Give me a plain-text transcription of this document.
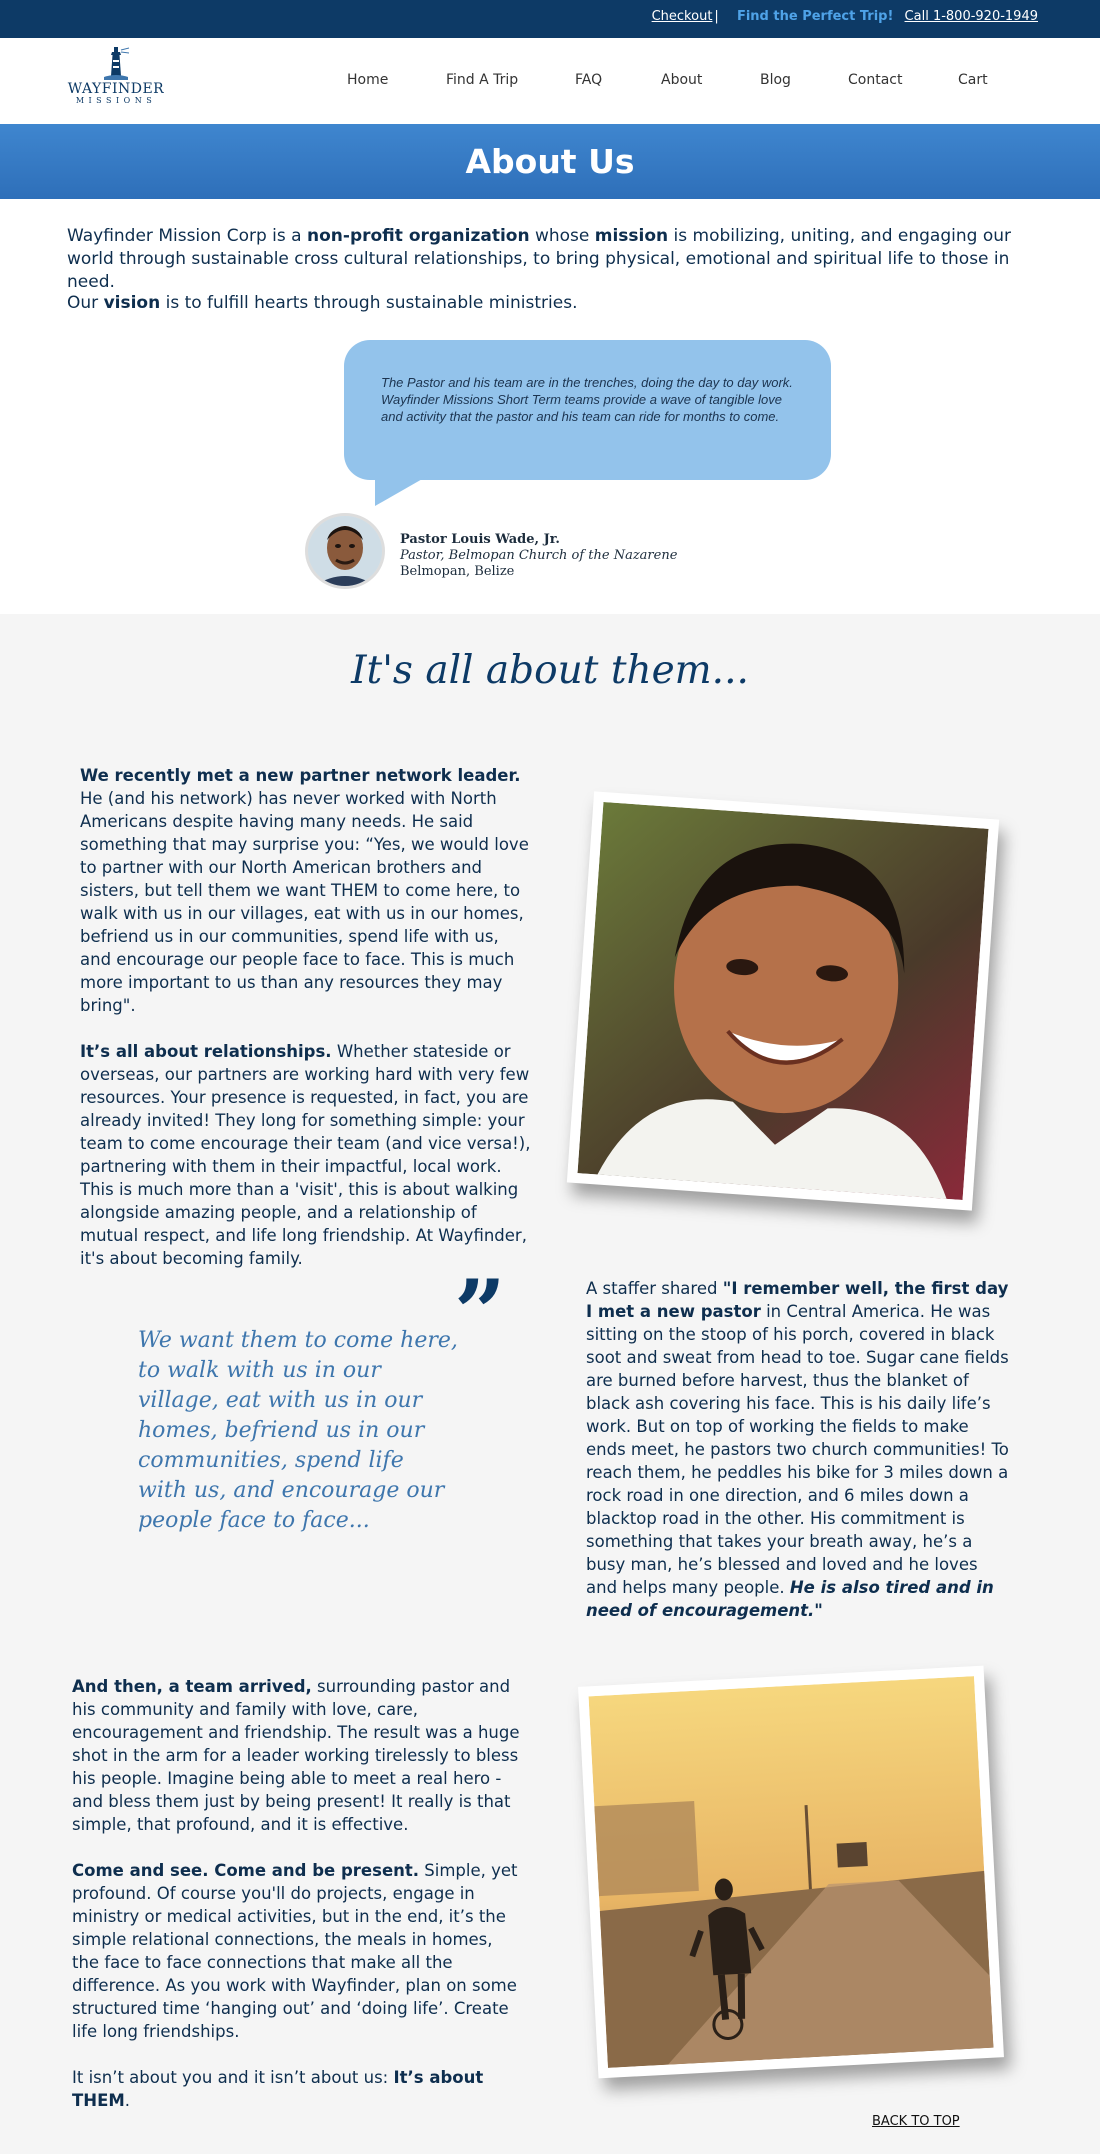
Checkout | Find the Perfect Trip! Call 1-800-920-1949
WAYFINDER
MISSIONS
Home	Find A Trip	FAQ	About	Blog	Contact	Cart
About Us

Wayfinder Mission Corp is a non-profit organization whose mission is mobilizing, uniting, and engaging our world through sustainable cross cultural relationships, to bring physical, emotional and spiritual life to those in need.

Our vision is to fulfill hearts through sustainable ministries.

The Pastor and his team are in the trenches, doing the day to day work. Wayfinder Missions Short Term teams provide a wave of tangible love and activity that the pastor and his team can ride for months to come.

Pastor Louis Wade, Jr.
Pastor, Belmopan Church of the Nazarene
Belmopan, Belize
It's all about them...

We recently met a new partner network leader. He (and his network) has never worked with North Americans despite having many needs. He said something that may surprise you: “Yes, we would love to partner with our North American brothers and sisters, but tell them we want THEM to come here, to walk with us in our villages, eat with us in our homes, befriend us in our communities, spend life with us, and encourage our people face to face. This is much more important to us than any resources they may bring".

It’s all about relationships. Whether stateside or overseas, our partners are working hard with very few resources. Your presence is requested, in fact, you are already invited! They long for something simple: your team to come encourage their team (and vice versa!), partnering with them in their impactful, local work. This is much more than a 'visit', this is about walking alongside amazing people, and a relationship of mutual respect, and life long friendship. At Wayfinder, it's about becoming family.

”
We want them to come here, to walk with us in our village, eat with us in our homes, befriend us in our communities, spend life with us, and encourage our people face to face...

A staffer shared "I remember well, the first day I met a new pastor in Central America. He was sitting on the stoop of his porch, covered in black soot and sweat from head to toe. Sugar cane fields are burned before harvest, thus the blanket of black ash covering his face. This is his daily life’s work. But on top of working the fields to make ends meet, he pastors two church communities! To reach them, he peddles his bike for 3 miles down a rock road in one direction, and 6 miles down a blacktop road in the other. His commitment is something that takes your breath away, he’s a busy man, he’s blessed and loved and he loves and helps many people. He is also tired and in need of encouragement."

And then, a team arrived, surrounding pastor and his community and family with love, care, encouragement and friendship. The result was a huge shot in the arm for a leader working tirelessly to bless his people. Imagine being able to meet a real hero - and bless them just by being present! It really is that simple, that profound, and it is effective.

Come and see. Come and be present. Simple, yet profound. Of course you'll do projects, engage in ministry or medical activities, but in the end, it’s the simple relational connections, the meals in homes, the face to face connections that make all the difference. As you work with Wayfinder, plan on some structured time ‘hanging out’ and ‘doing life’. Create life long friendships.

It isn’t about you and it isn’t about us: It’s about THEM.

BACK TO TOP
